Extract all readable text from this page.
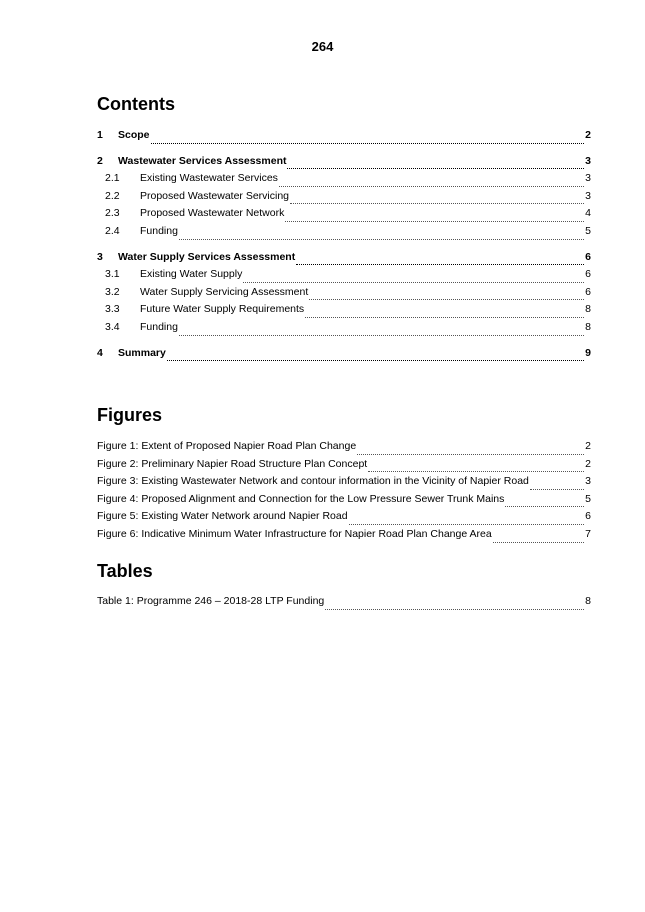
264
Contents
1	Scope	2
2	Wastewater Services Assessment	3
2.1	Existing Wastewater Services	3
2.2	Proposed Wastewater Servicing	3
2.3	Proposed Wastewater Network	4
2.4	Funding	5
3	Water Supply Services Assessment	6
3.1	Existing Water Supply	6
3.2	Water Supply Servicing Assessment	6
3.3	Future Water Supply Requirements	8
3.4	Funding	8
4	Summary	9
Figures
Figure 1: Extent of Proposed Napier Road Plan Change	2
Figure 2: Preliminary Napier Road Structure Plan Concept	2
Figure 3: Existing Wastewater Network and contour information in the Vicinity of Napier Road	3
Figure 4: Proposed Alignment and Connection for the Low Pressure Sewer Trunk Mains	5
Figure 5: Existing Water Network around Napier Road	6
Figure 6: Indicative Minimum Water Infrastructure for Napier Road Plan Change Area	7
Tables
Table 1: Programme 246 – 2018-28 LTP Funding	8
